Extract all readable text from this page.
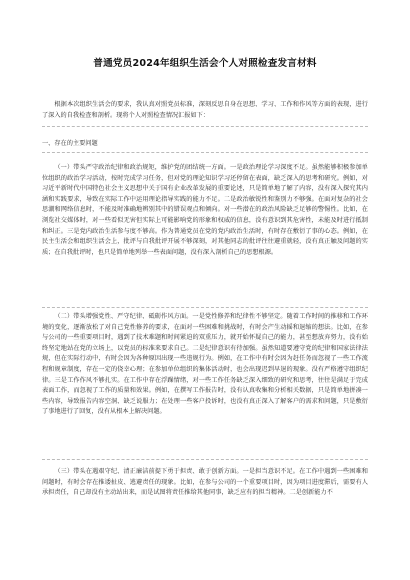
普通党员2024年组织生活会个人对照检查发言材料

根据本次组织生活会的要求，我认真对照党员标准，深刻反思自身在思想、学习、工作和作风等方面的表现，进行了深入的自我检查和剖析。现将个人对照检查情况汇报如下：

一、存在的主要问题

（一）带头严守政治纪律和政治规矩，维护党的团结统一方面。一是政治理论学习深度不足。虽然能够积极参加单位组织的政治学习活动，按时完成学习任务，但对党的理论知识学习还停留在表面，缺乏深入的思考和研究。例如，对习近平新时代中国特色社会主义思想中关于国有企业改革发展的重要论述，只是简单地了解了内容，没有深入探究其内涵和实践要求，导致在实际工作中运用理论指导实践的能力不足。二是政治敏锐性和鉴别力不够强。在面对复杂的社会思潮和网络信息时，不能及时准确地辨别其中的错误观点和倾向。对一些潜在的政治风险缺乏足够的警惕性。比如，在浏览社交媒体时，对一些看似无害但实际上可能影响党的形象和权威的信息，没有意识到其危害性，未能及时进行抵制和纠正。三是党内政治生活参与度不够高。作为普通党员在党的党内政治生活时，有时存在敷衍了事的心态。例如，在民主生活会和组织生活会上，批评与自我批评开展不够深刻，对其他同志的批评往往避重就轻，没有真正触及问题的实质；在自我批评时，也只是简单地列举一些表面问题，没有深入剖析自己的思想根源。

（二）带头增强党性、严守纪律、砥砺作风方面。一是党性修养和纪律性不够坚定。随着工作时间的推移和工作环境的变化，逐渐放松了对自己党性修养的要求，在面对一些困难和挑战时，有时会产生动摇和退缩的想法。比如，在参与公司的一些重要项目时，遇到了技术难题和时间紧迫的双重压力，就开始怀疑自己的能力，甚至想放弃努力，没有始终坚定地站在党的立场上，以党员的标准来要求自己。二是纪律意识有待加强。虽然知道要遵守党的纪律和国家法律法规，但在实际行动中，有时会因为各种原因出现一些违规行为。例如，在工作中有时会因为赶任务而忽视了一些工作流程和规章制度，存在一定的侥幸心理；在参加单位组织的集体活动时，也会出现迟到早退的现象。没有严格遵守组织纪律。三是工作作风不够扎实。在工作中存在浮躁情绪，对一些工作任务缺乏深入细致的研究和思考，往往是满足于完成表面工作，而忽视了工作的质量和效果。例如，在撰写工作报告时，没有认真收集和分析相关数据，只是简单地拼凑一些内容，导致报告内容空洞、缺乏说服力；在处理一些客户投诉时，也没有真正深入了解客户的需求和问题，只是敷衍了事地进行了回复，没有从根本上解决问题。

（三）带头在遇艰守纪、清正廉洁前提下勇于担责、敢于创新方面。一是担当意识不足。在工作中遇到一些困难和问题时，有时会存在推诿扯皮、逃避责任的现象。比如，在参与公司的一个重要项目时，因为项目进度滞后，需要有人承担责任，自己却没有主动站出来，而是试图将责任推给其他同事，缺乏应有的担当精神。二是创新能力不
